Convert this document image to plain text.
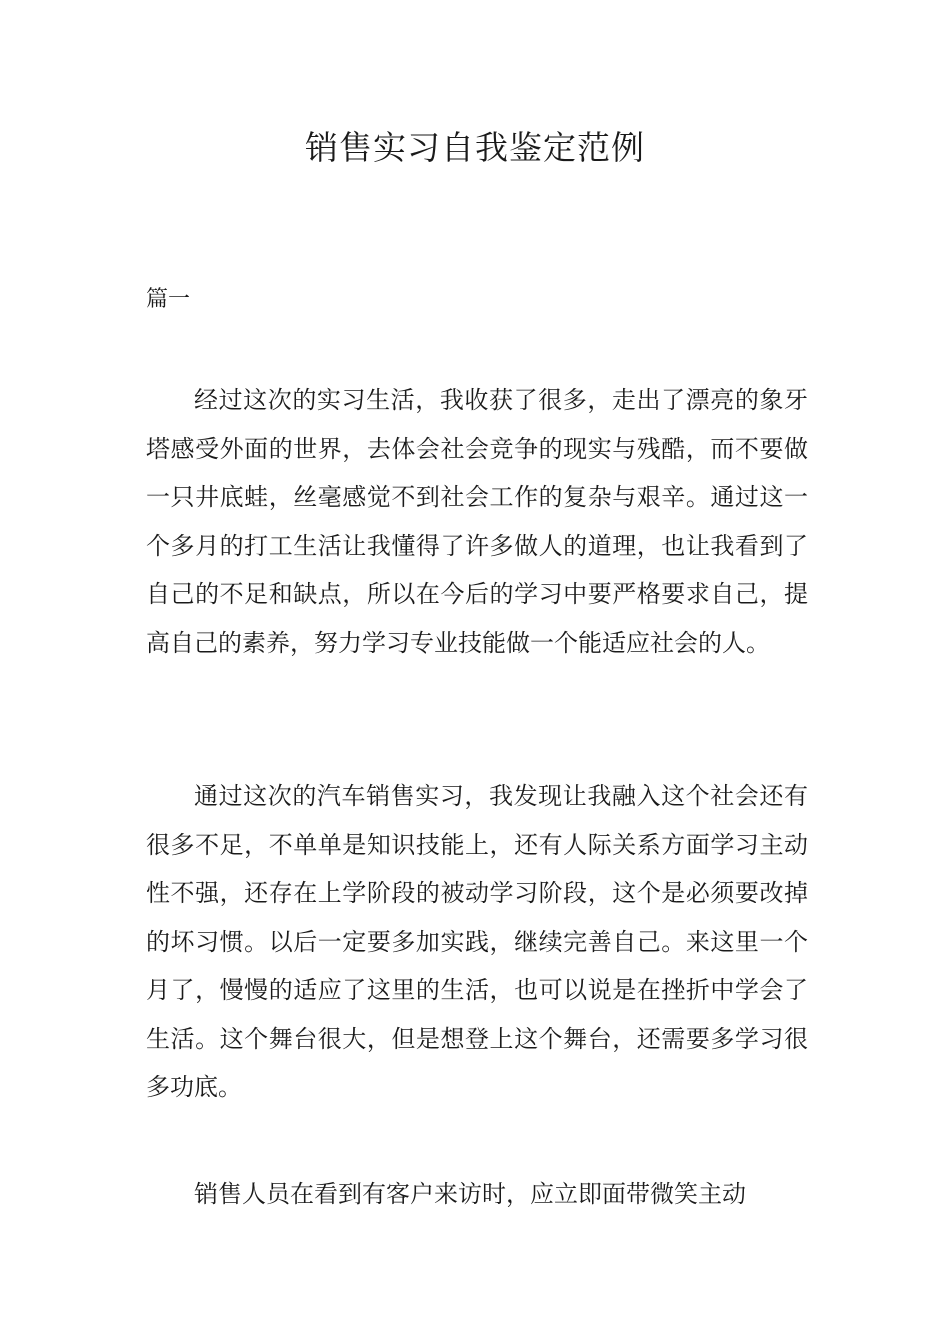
销售实习自我鉴定范例

篇一

经过这次的实习生活，我收获了很多，走出了漂亮的象牙塔感受外面的世界，去体会社会竞争的现实与残酷，而不要做一只井底蛙，丝毫感觉不到社会工作的复杂与艰辛。通过这一个多月的打工生活让我懂得了许多做人的道理，也让我看到了自己的不足和缺点，所以在今后的学习中要严格要求自己，提高自己的素养，努力学习专业技能做一个能适应社会的人。

通过这次的汽车销售实习，我发现让我融入这个社会还有很多不足，不单单是知识技能上，还有人际关系方面学习主动性不强，还存在上学阶段的被动学习阶段，这个是必须要改掉的坏习惯。以后一定要多加实践，继续完善自己。来这里一个月了，慢慢的适应了这里的生活，也可以说是在挫折中学会了生活。这个舞台很大，但是想登上这个舞台，还需要多学习很多功底。

销售人员在看到有客户来访时，应立即面带微笑主动
